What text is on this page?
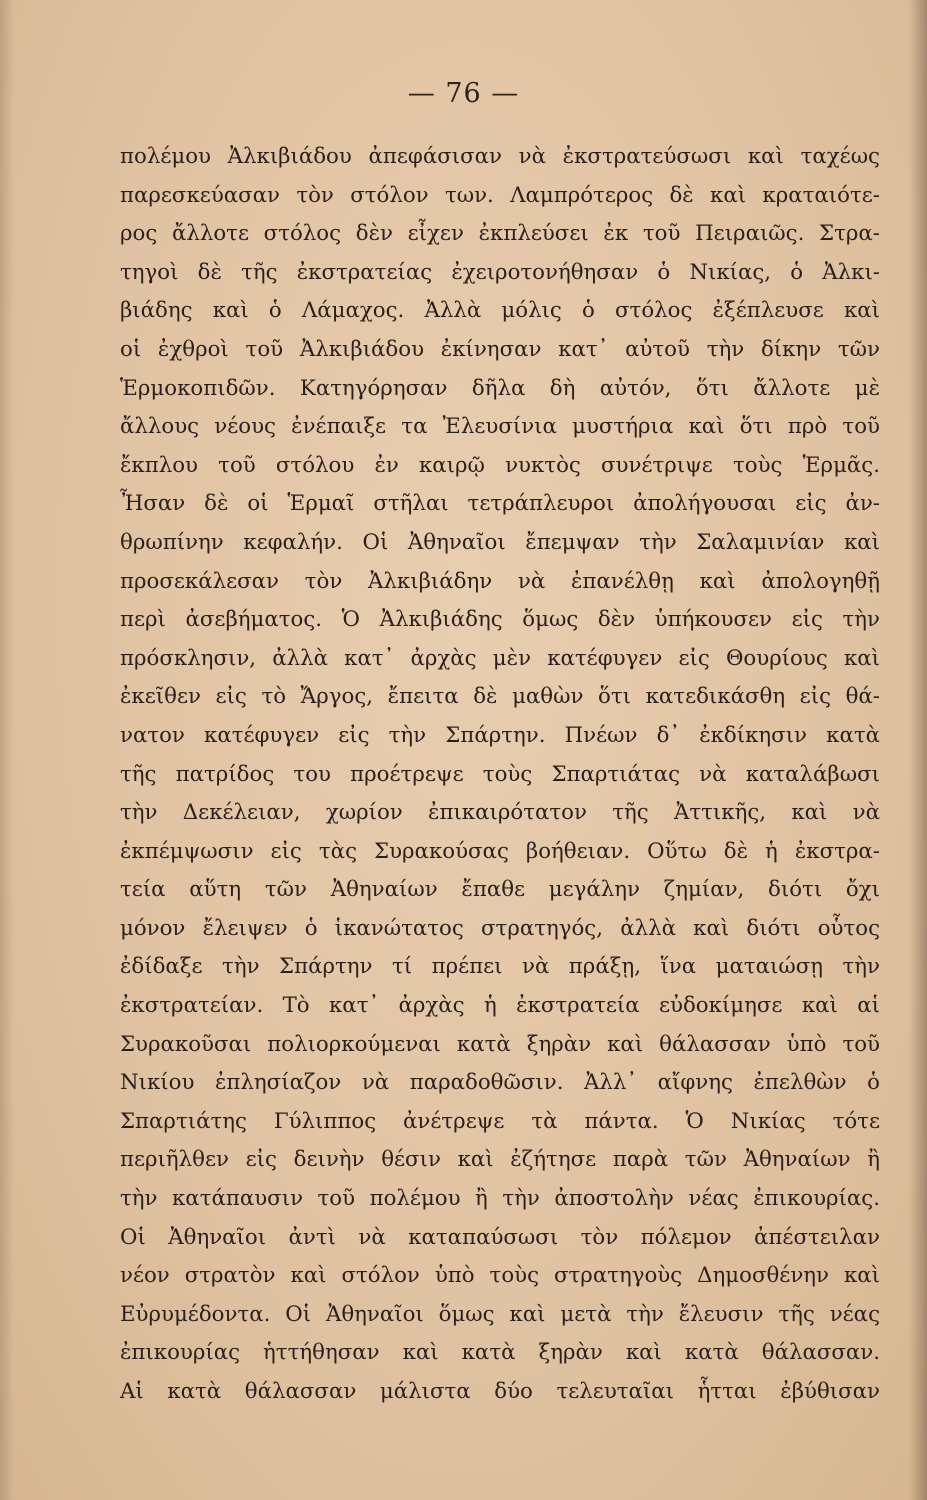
— 76 —
πολέμου Ἀλκιβιάδου ἀπεφάσισαν νὰ ἐκστρατεύσωσι καὶ ταχέως
παρεσκεύασαν τὸν στόλον των. Λαμπρότερος δὲ καὶ κραταιότε-
ρος ἄλλοτε στόλος δὲν εἶχεν ἐκπλεύσει ἐκ τοῦ Πειραιῶς. Στρα-
τηγοὶ δὲ τῆς ἐκστρατείας ἐχειροτονήθησαν ὁ Νικίας, ὁ Ἀλκι-
βιάδης καὶ ὁ Λάμαχος. Ἀλλὰ μόλις ὁ στόλος ἐξέπλευσε καὶ
οἱ ἐχθροὶ τοῦ Ἀλκιβιάδου ἐκίνησαν κατ᾽ αὐτοῦ τὴν δίκην τῶν
Ἑρμοκοπιδῶν. Κατηγόρησαν δῆλα δὴ αὐτόν, ὅτι ἄλλοτε μὲ
ἄλλους νέους ἐνέπαιξε τα Ἐλευσίνια μυστήρια καὶ ὅτι πρὸ τοῦ
ἔκπλου τοῦ στόλου ἐν καιρῷ νυκτὸς συνέτριψε τοὺς Ἑρμᾶς.
Ἦσαν δὲ οἱ Ἑρμαῖ στῆλαι τετράπλευροι ἀπολήγουσαι εἰς ἀν-
θρωπίνην κεφαλήν. Οἱ Ἀθηναῖοι ἔπεμψαν τὴν Σαλαμινίαν καὶ
προσεκάλεσαν τὸν Ἀλκιβιάδην νὰ ἐπανέλθῃ καὶ ἀπολογηθῇ
περὶ ἀσεβήματος. Ὁ Ἀλκιβιάδης ὅμως δὲν ὑπήκουσεν εἰς τὴν
πρόσκλησιν, ἀλλὰ κατ᾽ ἀρχὰς μὲν κατέφυγεν εἰς Θουρίους καὶ
ἐκεῖθεν εἰς τὸ Ἄργος, ἔπειτα δὲ μαθὼν ὅτι κατεδικάσθη εἰς θά-
νατον κατέφυγεν εἰς τὴν Σπάρτην. Πνέων δ᾽ ἐκδίκησιν κατὰ
τῆς πατρίδος του προέτρεψε τοὺς Σπαρτιάτας νὰ καταλάβωσι
τὴν Δεκέλειαν, χωρίον ἐπικαιρότατον τῆς Ἀττικῆς, καὶ νὰ
ἐκπέμψωσιν εἰς τὰς Συρακούσας βοήθειαν. Οὕτω δὲ ἡ ἐκστρα-
τεία αὕτη τῶν Ἀθηναίων ἔπαθε μεγάλην ζημίαν, διότι ὄχι
μόνον ἔλειψεν ὁ ἱκανώτατος στρατηγός, ἀλλὰ καὶ διότι οὗτος
ἐδίδαξε τὴν Σπάρτην τί πρέπει νὰ πράξῃ, ἵνα ματαιώσῃ τὴν
ἐκστρατείαν. Τὸ κατ᾽ ἀρχὰς ἡ ἐκστρατεία εὐδοκίμησε καὶ αἱ
Συρακοῦσαι πολιορκούμεναι κατὰ ξηρὰν καὶ θάλασσαν ὑπὸ τοῦ
Νικίου ἐπλησίαζον νὰ παραδοθῶσιν. Ἀλλ᾽ αἴφνης ἐπελθὼν ὁ
Σπαρτιάτης Γύλιππος ἀνέτρεψε τὰ πάντα. Ὁ Νικίας τότε
περιῆλθεν εἰς δεινὴν θέσιν καὶ ἐζήτησε παρὰ τῶν Ἀθηναίων ἢ
τὴν κατάπαυσιν τοῦ πολέμου ἢ τὴν ἀποστολὴν νέας ἐπικουρίας.
Οἱ Ἀθηναῖοι ἀντὶ νὰ καταπαύσωσι τὸν πόλεμον ἀπέστειλαν
νέον στρατὸν καὶ στόλον ὑπὸ τοὺς στρατηγοὺς Δημοσθένην καὶ
Εὐρυμέδοντα. Οἱ Ἀθηναῖοι ὅμως καὶ μετὰ τὴν ἔλευσιν τῆς νέας
ἐπικουρίας ἡττήθησαν καὶ κατὰ ξηρὰν καὶ κατὰ θάλασσαν.
Αἱ κατὰ θάλασσαν μάλιστα δύο τελευταῖαι ἧτται ἐβύθισαν
